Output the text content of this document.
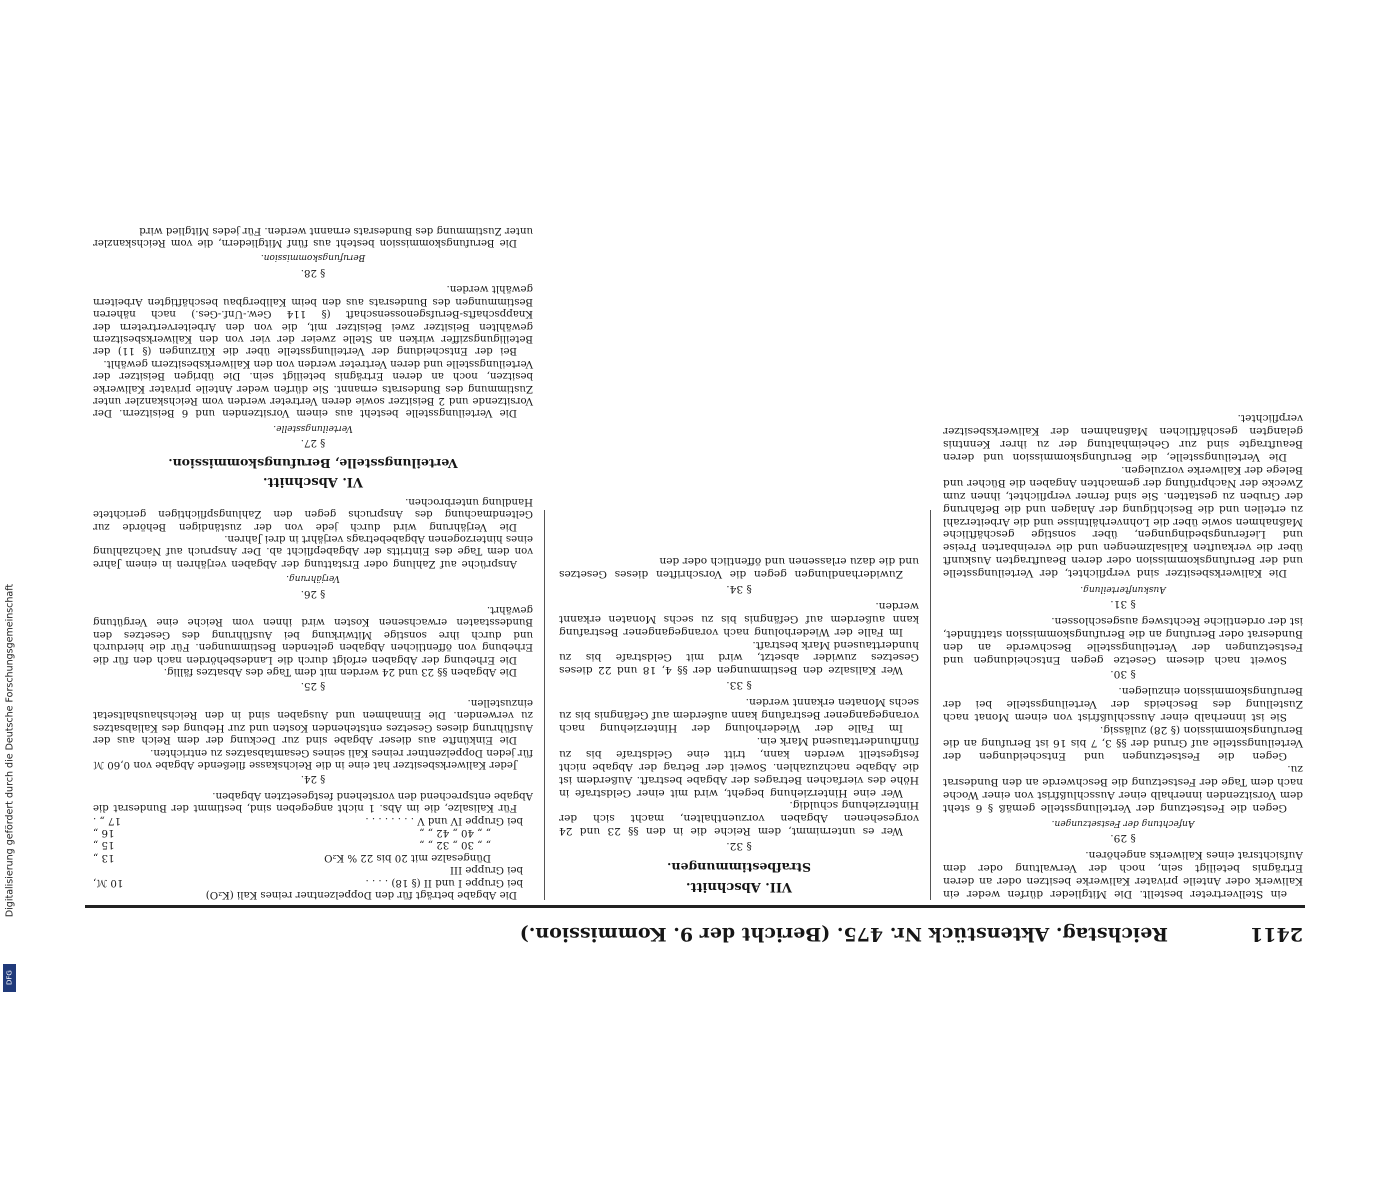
2411
Reichstag. Aktenstück Nr. 475. (Bericht der 9. Kommission.)

ein Stellvertreter bestellt. Die Mitglieder dürfen weder ein Kaliwerk oder Anteile privater Kaliwerke besitzen oder an deren Erträgnis beteiligt sein, noch der Verwaltung oder dem Aufsichtsrat eines Kaliwerks angehören.

§ 29.

Anfechtung der Festsetzungen.

Gegen die Festsetzung der Verteilungsstelle gemäß § 6 steht dem Vorsitzenden innerhalb einer Ausschlußfrist von einer Woche nach dem Tage der Festsetzung die Beschwerde an den Bundesrat zu.

Gegen die Festsetzungen und Entscheidungen der Verteilungsstelle auf Grund der §§ 3, 7 bis 16 ist Berufung an die Berufungskommission (§ 28) zulässig.

Sie ist innerhalb einer Ausschlußfrist von einem Monat nach Zustellung des Bescheids der Verteilungsstelle bei der Berufungskommission einzulegen.

§ 30.

Soweit nach diesem Gesetze gegen Entscheidungen und Festsetzungen der Verteilungsstelle Beschwerde an den Bundesrat oder Berufung an die Berufungskommission stattfindet, ist der ordentliche Rechtsweg ausgeschlossen.

§ 31.

Auskunfterteilung.

Die Kaliwerksbesitzer sind verpflichtet, der Verteilungsstelle und der Berufungskommission oder deren Beauftragten Auskunft über die verkauften Kalisalzmengen und die vereinbarten Preise und Lieferungsbedingungen, über sonstige geschäftliche Maßnahmen sowie über die Lohnverhältnisse und die Arbeiterzahl zu erteilen und die Besichtigung der Anlagen und die Befahrung der Gruben zu gestatten. Sie sind ferner verpflichtet, ihnen zum Zwecke der Nachprüfung der gemachten Angaben die Bücher und Belege der Kaliwerke vorzulegen.

Die Verteilungsstelle, die Berufungskommission und deren Beauftragte sind zur Geheimhaltung der zu ihrer Kenntnis gelangten geschäftlichen Maßnahmen der Kaliwerksbesitzer verpflichtet.

VII. Abschnitt.

Strafbestimmungen.

§ 32.

Wer es unternimmt, dem Reiche die in den §§ 23 und 24 vorgesehenen Abgaben vorzuenthalten, macht sich der Hinterziehung schuldig.

Wer eine Hinterziehung begeht, wird mit einer Geldstrafe in Höhe des vierfachen Betrages der Abgabe bestraft. Außerdem ist die Abgabe nachzuzahlen. Soweit der Betrag der Abgabe nicht festgestellt werden kann, tritt eine Geldstrafe bis zu fünfhunderttausend Mark ein.

Im Falle der Wiederholung der Hinterziehung nach vorangegangener Bestrafung kann außerdem auf Gefängnis bis zu sechs Monaten erkannt werden.

§ 33.

Wer Kalisalze den Bestimmungen der §§ 4, 18 und 22 dieses Gesetzes zuwider absetzt, wird mit Geldstrafe bis zu hunderttausend Mark bestraft.

Im Falle der Wiederholung nach vorangegangener Bestrafung kann außerdem auf Gefängnis bis zu sechs Monaten erkannt werden.

§ 34.

Zuwiderhandlungen gegen die Vorschriften dieses Gesetzes und die dazu erlassenen und öffentlich oder den

Die Abgabe beträgt für den Doppelzentner reines Kali (K₂O)

bei Gruppe I und II (§ 18) . . . .
10 ℳ,
bei Gruppe III
Düngesalze mit 20 bis 22 % K₂O
13 „
„ „ 30 „ 32 „ „
15 „
„ „ 40 „ 42 „ „
16 „
bei Gruppe IV und V . . . . . . . .
17 „ .

Für Kalisalze, die im Abs. 1 nicht angegeben sind, bestimmt der Bundesrat die Abgabe entsprechend den vorstehend festgesetzten Abgaben.

§ 24.

Jeder Kaliwerksbesitzer hat eine in die Reichskasse fließende Abgabe von 0,60 ℳ für jeden Doppelzentner reines Kali seines Gesamtabsatzes zu entrichten.

Die Einkünfte aus dieser Abgabe sind zur Deckung der dem Reich aus der Ausführung dieses Gesetzes entstehenden Kosten und zur Hebung des Kaliabsatzes zu verwenden. Die Einnahmen und Ausgaben sind in den Reichshaushaltsetat einzustellen.

§ 25.

Die Abgaben §§ 23 und 24 werden mit dem Tage des Absatzes fällig.

Die Erhebung der Abgaben erfolgt durch die Landesbehörden nach den für die Erhebung von öffentlichen Abgaben geltenden Bestimmungen. Für die hierdurch und durch ihre sonstige Mitwirkung bei Ausführung des Gesetzes den Bundesstaaten erwachsenen Kosten wird ihnen vom Reiche eine Vergütung gewährt.

§ 26.

Verjährung.

Ansprüche auf Zahlung oder Erstattung der Abgaben verjähren in einem Jahre von dem Tage des Eintritts der Abgabepflicht ab. Der Anspruch auf Nachzahlung eines hinterzogenen Abgabebetrags verjährt in drei Jahren.

Die Verjährung wird durch jede von der zuständigen Behörde zur Geltendmachung des Anspruchs gegen den Zahlungspflichtigen gerichtete Handlung unterbrochen.

VI. Abschnitt.

Verteilungsstelle, Berufungskommission.

§ 27.

Verteilungsstelle.

Die Verteilungsstelle besteht aus einem Vorsitzenden und 6 Beisitzern. Der Vorsitzende und 2 Beisitzer sowie deren Vertreter werden vom Reichskanzler unter Zustimmung des Bundesrats ernannt. Sie dürfen weder Anteile privater Kaliwerke besitzen, noch an deren Erträgnis beteiligt sein. Die übrigen Beisitzer der Verteilungsstelle und deren Vertreter werden von den Kaliwerksbesitzern gewählt.

Bei der Entscheidung der Verteilungsstelle über die Kürzungen (§ 11) der Beteiligungsziffer wirken an Stelle zweier der vier von den Kaliwerksbesitzern gewählten Beisitzer zwei Beisitzer mit, die von den Arbeitervertretern der Knappschafts-Berufsgenossenschaft (§ 114 Gew.-Unf.-Ges.) nach näheren Bestimmungen des Bundesrats aus den beim Kalibergbau beschäftigten Arbeitern gewählt werden.

§ 28.

Berufungskommission.

Die Berufungskommission besteht aus fünf Mitgliedern, die vom Reichskanzler unter Zustimmung des Bundesrats ernannt werden. Für jedes Mitglied wird

Digitalisierung gefördert durch die Deutsche Forschungsgemeinschaft
DFG
